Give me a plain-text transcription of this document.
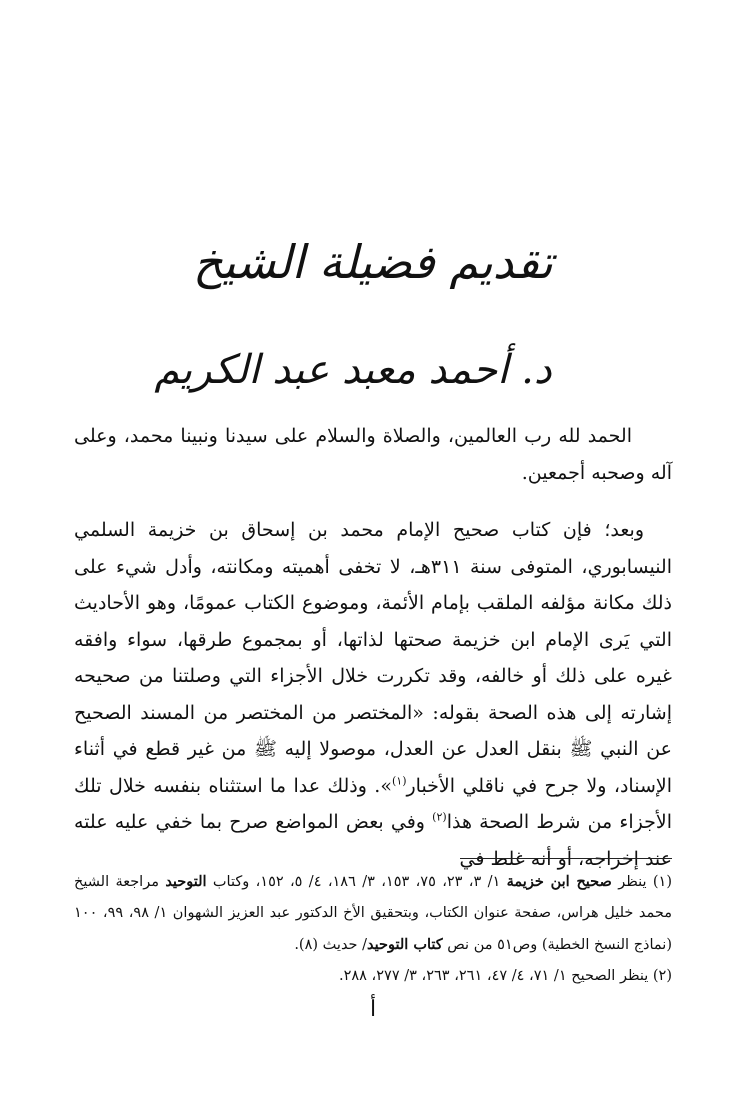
تقديم فضيلة الشيخ
د. أحمد معبد عبد الكريم

الحمد لله رب العالمين، والصلاة والسلام على سيدنا ونبينا محمد، وعلى آله وصحبه أجمعين.

وبعد؛ فإن كتاب صحيح الإمام محمد بن إسحاق بن خزيمة السلمي النيسابوري، المتوفى سنة ٣١١هـ، لا تخفى أهميته ومكانته، وأدل شيء على ذلك مكانة مؤلفه الملقب بإمام الأئمة، وموضوع الكتاب عمومًا، وهو الأحاديث التي يَرى الإمام ابن خزيمة صحتها لذاتها، أو بمجموع طرقها، سواء وافقه غيره على ذلك أو خالفه، وقد تكررت خلال الأجزاء التي وصلتنا من صحيحه إشارته إلى هذه الصحة بقوله: «المختصر من المختصر من المسند الصحيح عن النبي ﷺ بنقل العدل عن العدل، موصولا إليه ﷺ من غير قطع في أثناء الإسناد، ولا جرح في ناقلي الأخبار$^{(١)}$». وذلك عدا ما استثناه بنفسه خلال تلك الأجزاء من شرط الصحة هذا$^{(٢)}$ وفي بعض المواضع صرح بما خفي عليه علته عند إخراجه، أو أنه غلط في

(١) ينظر صحيح ابن خزيمة ١/ ٣، ٢٣، ٧٥، ١٥٣، ٣/ ١٨٦، ٤/ ٥، ١٥٢، وكتاب التوحيد مراجعة الشيخ محمد خليل هراس، صفحة عنوان الكتاب، وبتحقيق الأخ الدكتور عبد العزيز الشهوان ١/ ٩٨، ٩٩، ١٠٠ (نماذج النسخ الخطية) وص٥١ من نص كتاب التوحيد/ حديث (٨).

(٢) ينظر الصحيح ١/ ٧١، ٤/ ٤٧، ٢٦١، ٢٦٣، ٣/ ٢٧٧، ٢٨٨.

أ
